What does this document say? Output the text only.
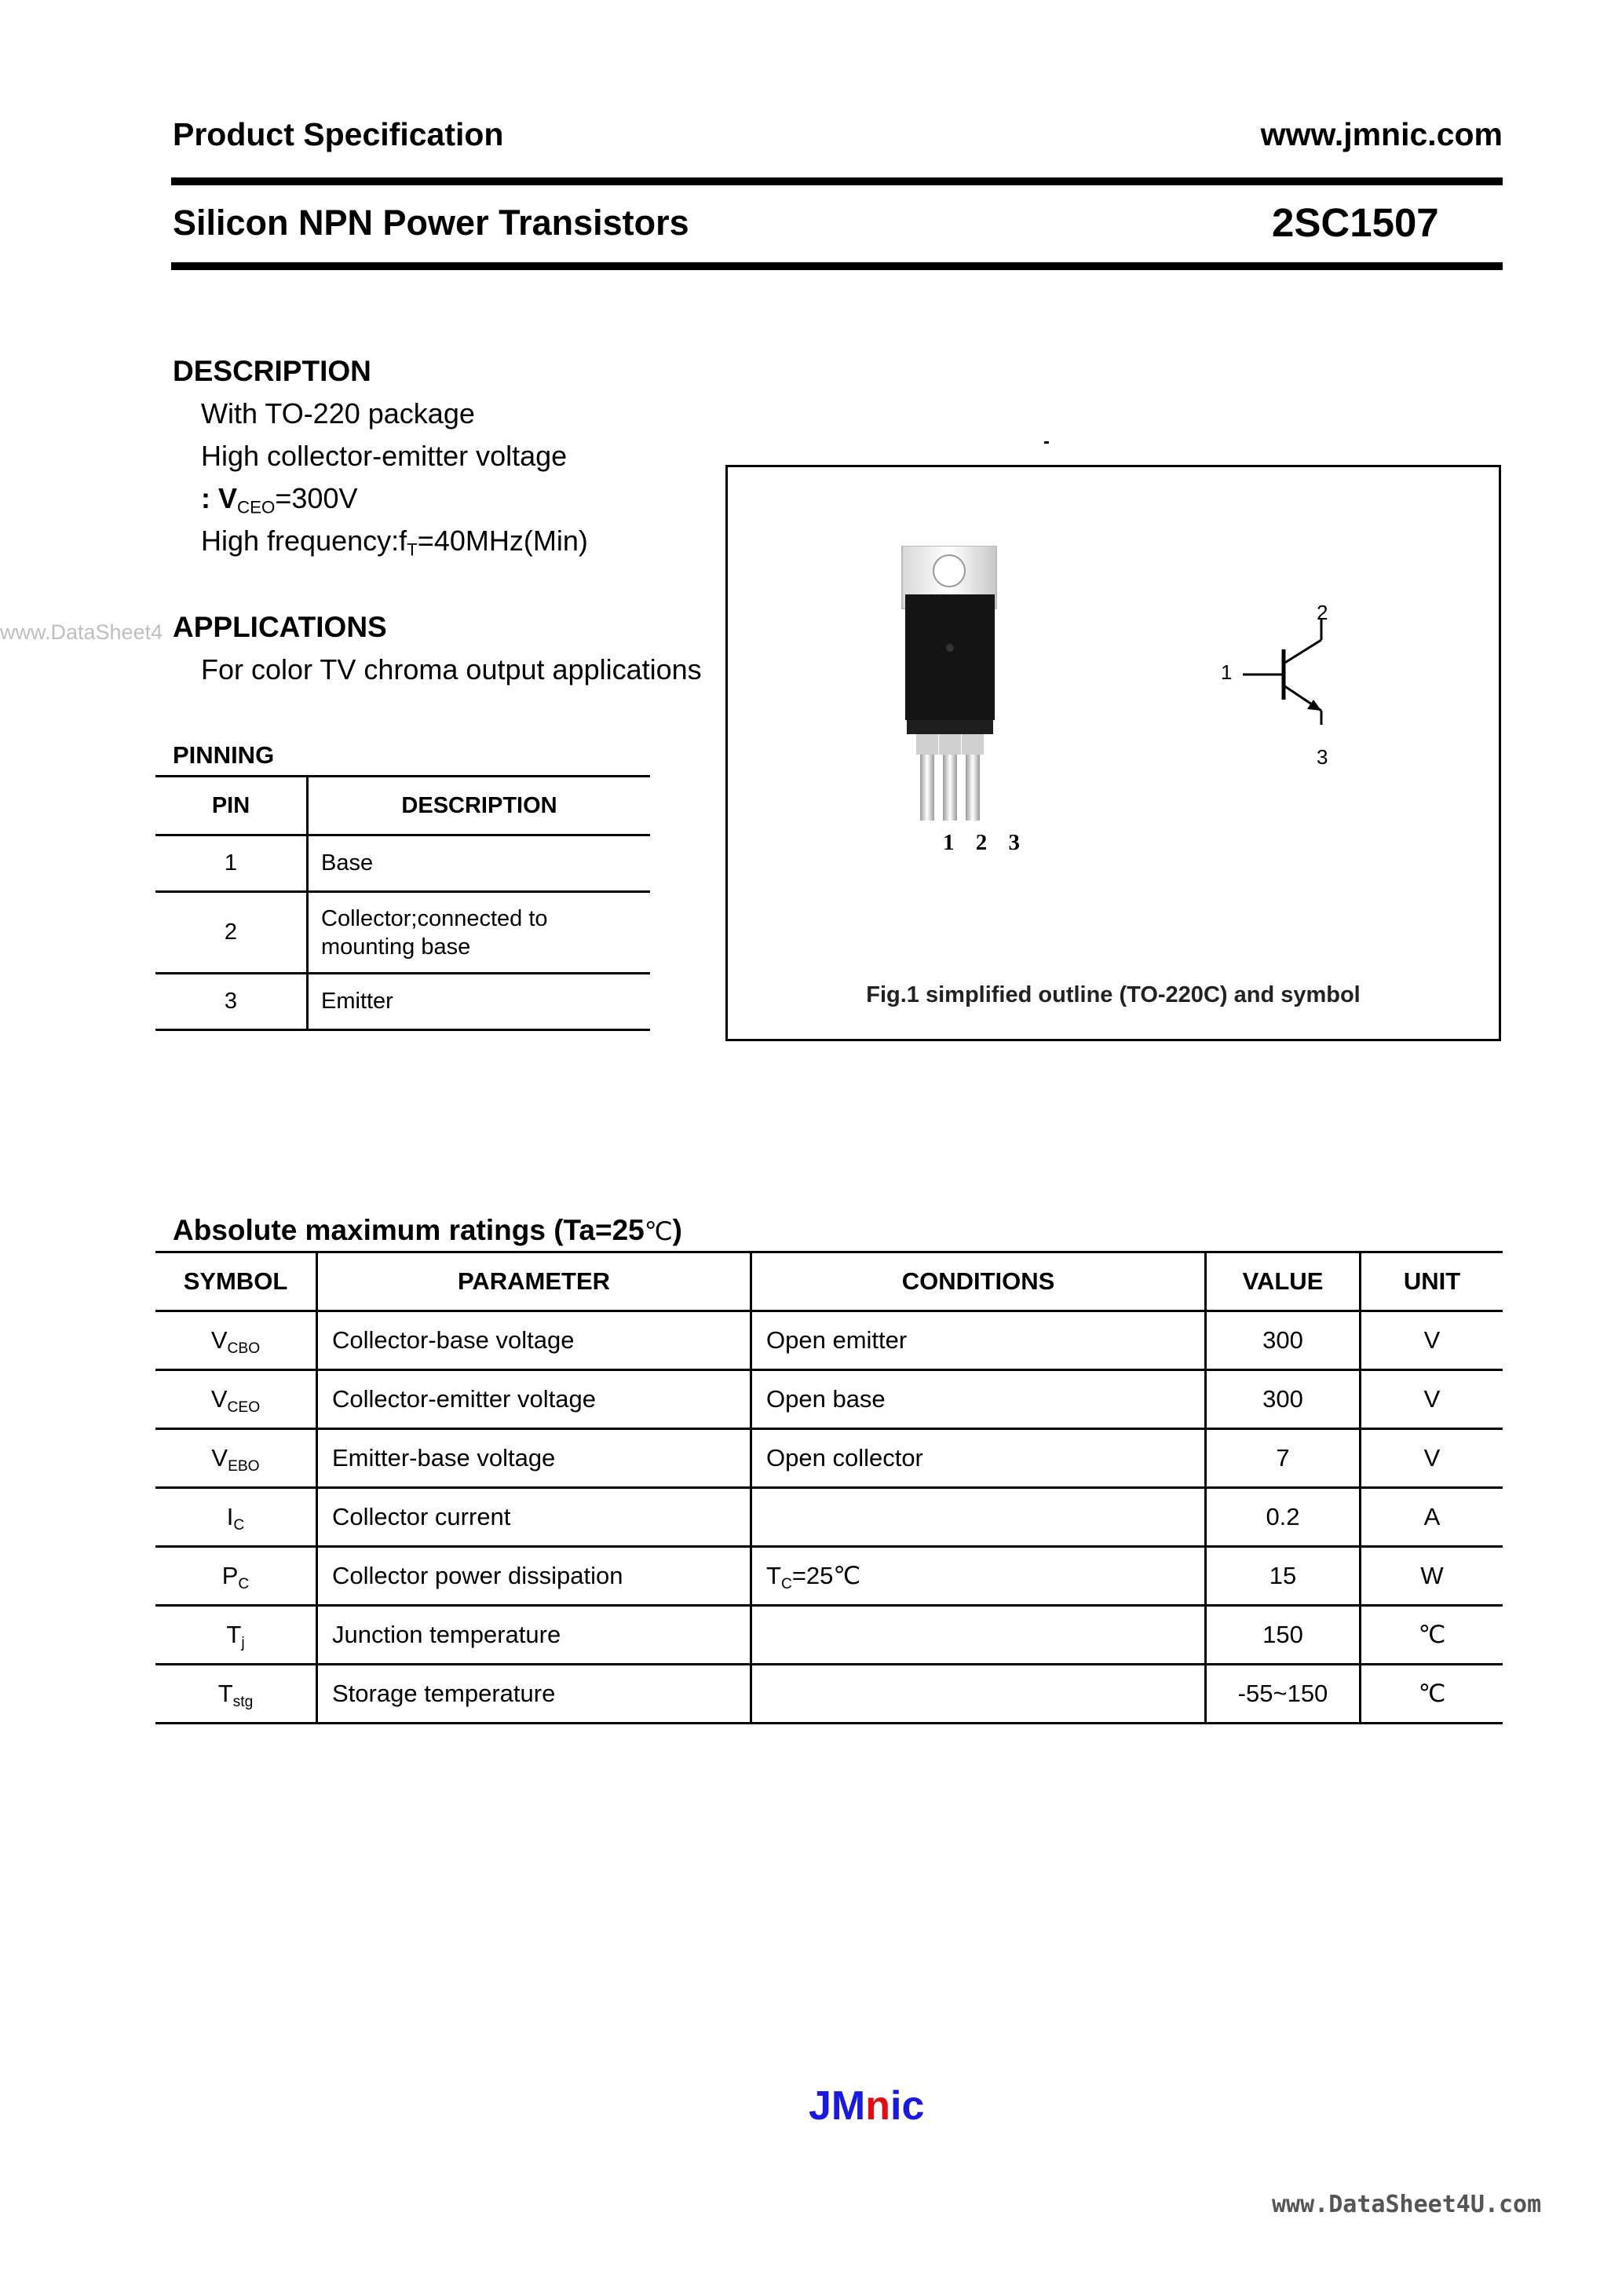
Product Specification	www.jmnic.com
Silicon NPN Power Transistors	2SC1507
DESCRIPTION
With TO-220 package
High collector-emitter voltage
: $V_{CEO}=300V$
High $frequency:f_T=40MHz(Min)$
www.DataSheet4 APPLICATIONS
For color TV chroma output applications
PINNING
PIN	DESCRIPTION
1	Base
2	Collector;connected to
mounting base
3	Emitter
1 2 3
1
2
3
Fig.1 simplified outline (TO-220C) and symbol
Absolute maximum ratings (Ta=25℃)
SYMBOL	PARAMETER	CONDITIONS	VALUE	UNIT
$V_{CBO}$	Collector-base voltage	Open emitter	300	V
$V_{CEO}$	Collector-emitter voltage	Open base	300	V
$V_{EBO}$	Emitter-base voltage	Open collector	7	V
$I_C$	Collector current		0.2	A
$P_C$	Collector power dissipation	$T_C=25℃$	15	W
$T_j$	Junction temperature		150	℃
$T_{stg}$	Storage temperature		-55~150	℃
JMnic
www.DataSheet4U.com
